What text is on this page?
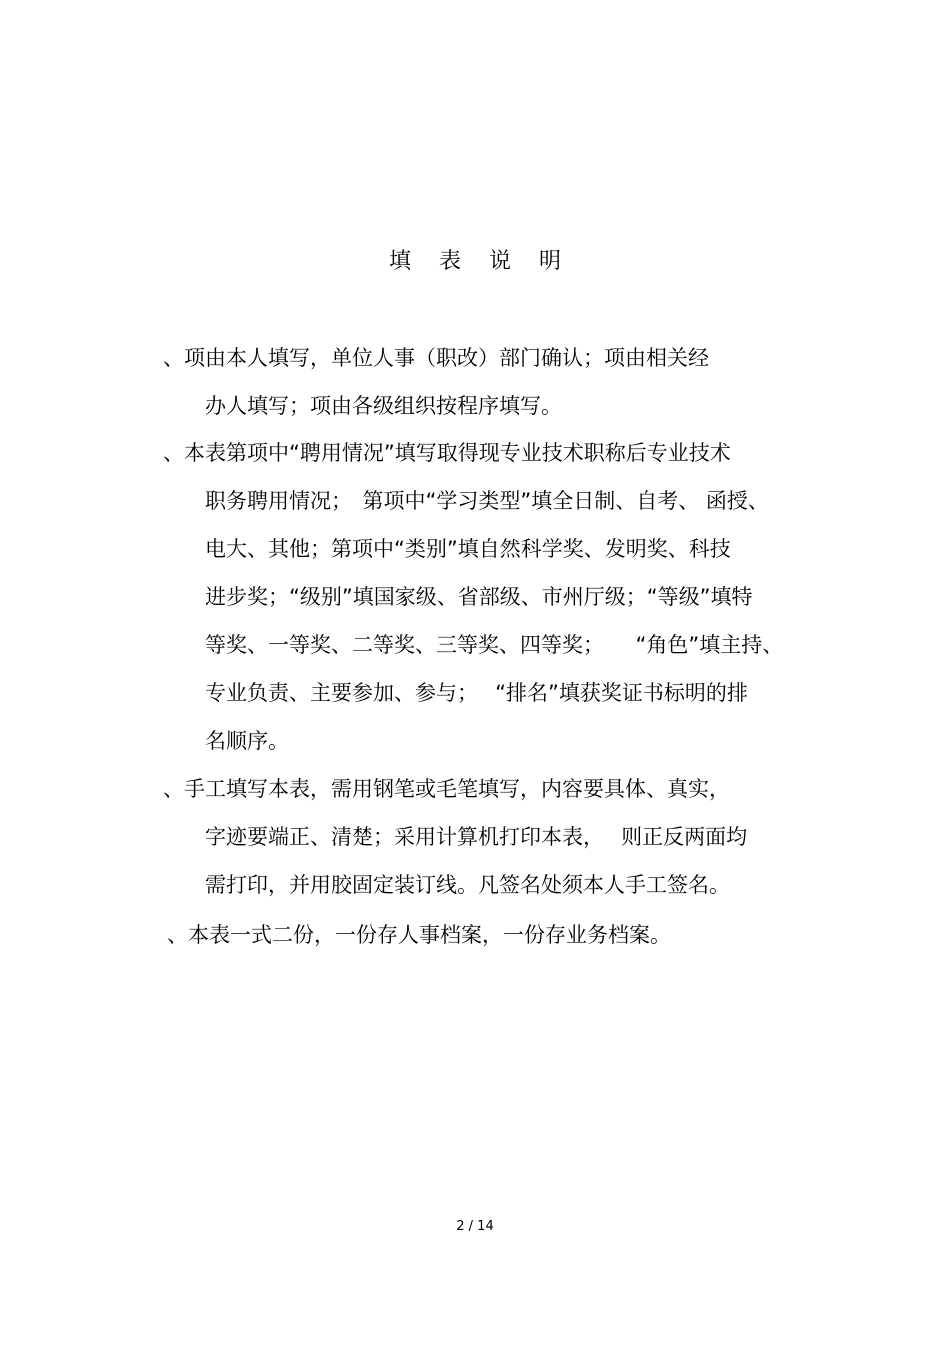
填表说明
、项由本人填写，单位人事（职改）部门确认；项由相关经
办人填写；项由各级组织按程序填写。
、本表第项中“聘用情况”填写取得现专业技术职称后专业技术
职务聘用情况；　第项中“学习类型”填全日制、自考、 函授、
电大、其他；第项中“类别”填自然科学奖、发明奖、科技
进步奖；“级别”填国家级、省部级、市州厅级；“等级”填特
等奖、一等奖、二等奖、三等奖、四等奖；　　“角色”填主持、
专业负责、主要参加、参与；　 “排名”填获奖证书标明的排
名顺序。
、手工填写本表，需用钢笔或毛笔填写，内容要具体、真实，
字迹要端正、清楚；采用计算机打印本表，　 则正反两面均
需打印，并用胶固定装订线。凡签名处须本人手工签名。
、本表一式二份，一份存人事档案，一份存业务档案。
2 / 14
